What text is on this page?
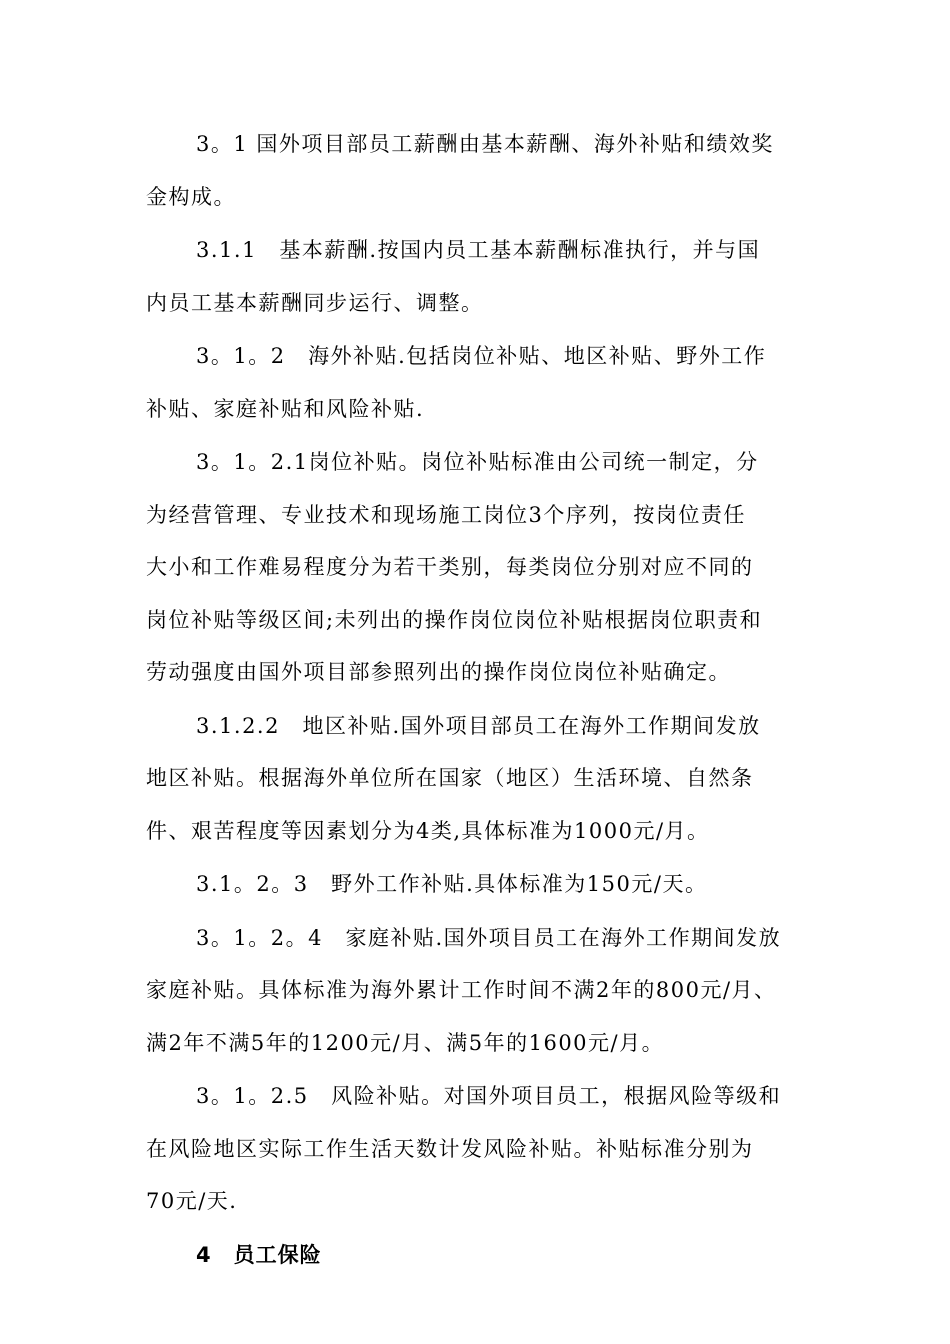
3。1 国外项目部员工薪酬由基本薪酬、海外补贴和绩效奖
金构成。
3.1.1　基本薪酬.按国内员工基本薪酬标准执行，并与国
内员工基本薪酬同步运行、调整。
3。1。2　海外补贴.包括岗位补贴、地区补贴、野外工作
补贴、家庭补贴和风险补贴.
3。1。2.1岗位补贴。岗位补贴标准由公司统一制定，分
为经营管理、专业技术和现场施工岗位3个序列，按岗位责任
大小和工作难易程度分为若干类别，每类岗位分别对应不同的
岗位补贴等级区间;未列出的操作岗位岗位补贴根据岗位职责和
劳动强度由国外项目部参照列出的操作岗位岗位补贴确定。
3.1.2.2　地区补贴.国外项目部员工在海外工作期间发放
地区补贴。根据海外单位所在国家（地区）生活环境、自然条
件、艰苦程度等因素划分为4类,具体标准为1000元/月。
3.1。2。3　野外工作补贴.具体标准为150元/天。
3。1。2。4　家庭补贴.国外项目员工在海外工作期间发放
家庭补贴。具体标准为海外累计工作时间不满2年的800元/月、
满2年不满5年的1200元/月、满5年的1600元/月。
3。1。2.5　风险补贴。对国外项目员工，根据风险等级和
在风险地区实际工作生活天数计发风险补贴。补贴标准分别为
70元/天.
4　员工保险
